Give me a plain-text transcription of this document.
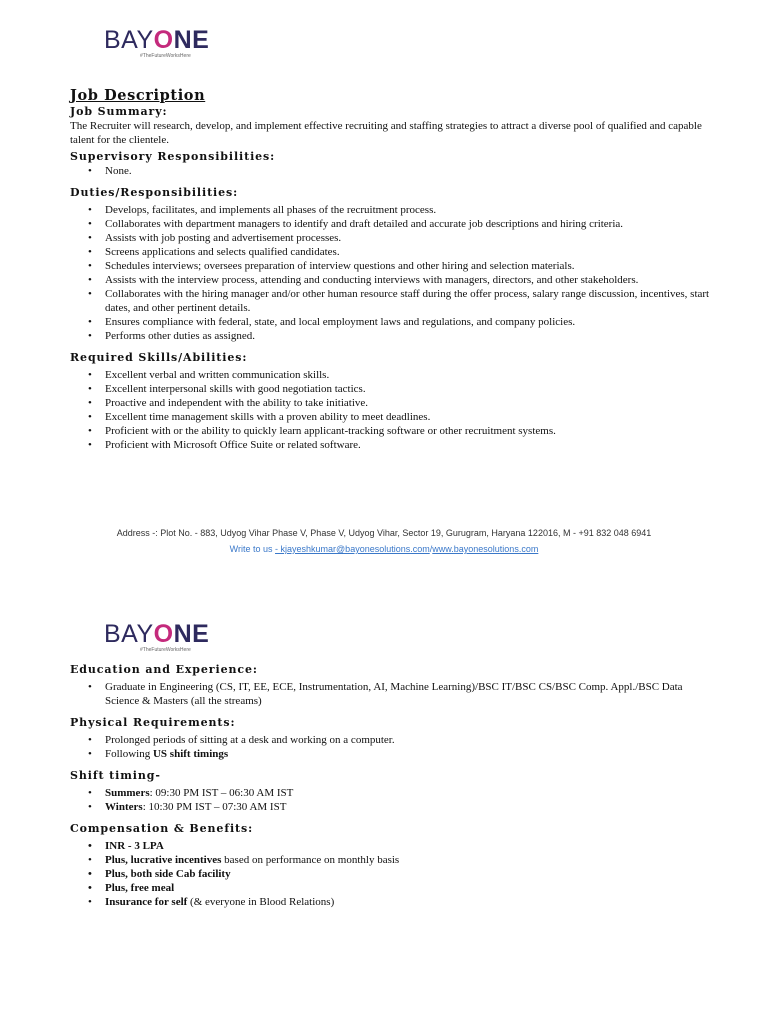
BAYONE
#TheFutureWorksHere
Job Description
Job Summary:
The Recruiter will research, develop, and implement effective recruiting and staffing strategies to attract a diverse pool of qualified and capable talent for the clientele.
Supervisory Responsibilities:
• None.
Duties/Responsibilities:
• Develops, facilitates, and implements all phases of the recruitment process.
• Collaborates with department managers to identify and draft detailed and accurate job descriptions and hiring criteria.
• Assists with job posting and advertisement processes.
• Screens applications and selects qualified candidates.
• Schedules interviews; oversees preparation of interview questions and other hiring and selection materials.
• Assists with the interview process, attending and conducting interviews with managers, directors, and other stakeholders.
• Collaborates with the hiring manager and/or other human resource staff during the offer process, salary range discussion, incentives, start dates, and other pertinent details.
• Ensures compliance with federal, state, and local employment laws and regulations, and company policies.
• Performs other duties as assigned.
Required Skills/Abilities:
• Excellent verbal and written communication skills.
• Excellent interpersonal skills with good negotiation tactics.
• Proactive and independent with the ability to take initiative.
• Excellent time management skills with a proven ability to meet deadlines.
• Proficient with or the ability to quickly learn applicant-tracking software or other recruitment systems.
• Proficient with Microsoft Office Suite or related software.
Address -: Plot No. - 883, Udyog Vihar Phase V, Phase V, Udyog Vihar, Sector 19, Gurugram, Haryana 122016, M - +91 832 048 6941
Write to us - kjayeshkumar@bayonesolutions.com/www.bayonesolutions.com
BAYONE
#TheFutureWorksHere
Education and Experience:
• Graduate in Engineering (CS, IT, EE, ECE, Instrumentation, AI, Machine Learning)/BSC IT/BSC CS/BSC Comp. Appl./BSC Data Science & Masters (all the streams)
Physical Requirements:
• Prolonged periods of sitting at a desk and working on a computer.
• Following US shift timings
Shift timing-
• Summers: 09:30 PM IST – 06:30 AM IST
• Winters: 10:30 PM IST – 07:30 AM IST
Compensation & Benefits:
• INR - 3 LPA
• Plus, lucrative incentives based on performance on monthly basis
• Plus, both side Cab facility
• Plus, free meal
• Insurance for self (& everyone in Blood Relations)
